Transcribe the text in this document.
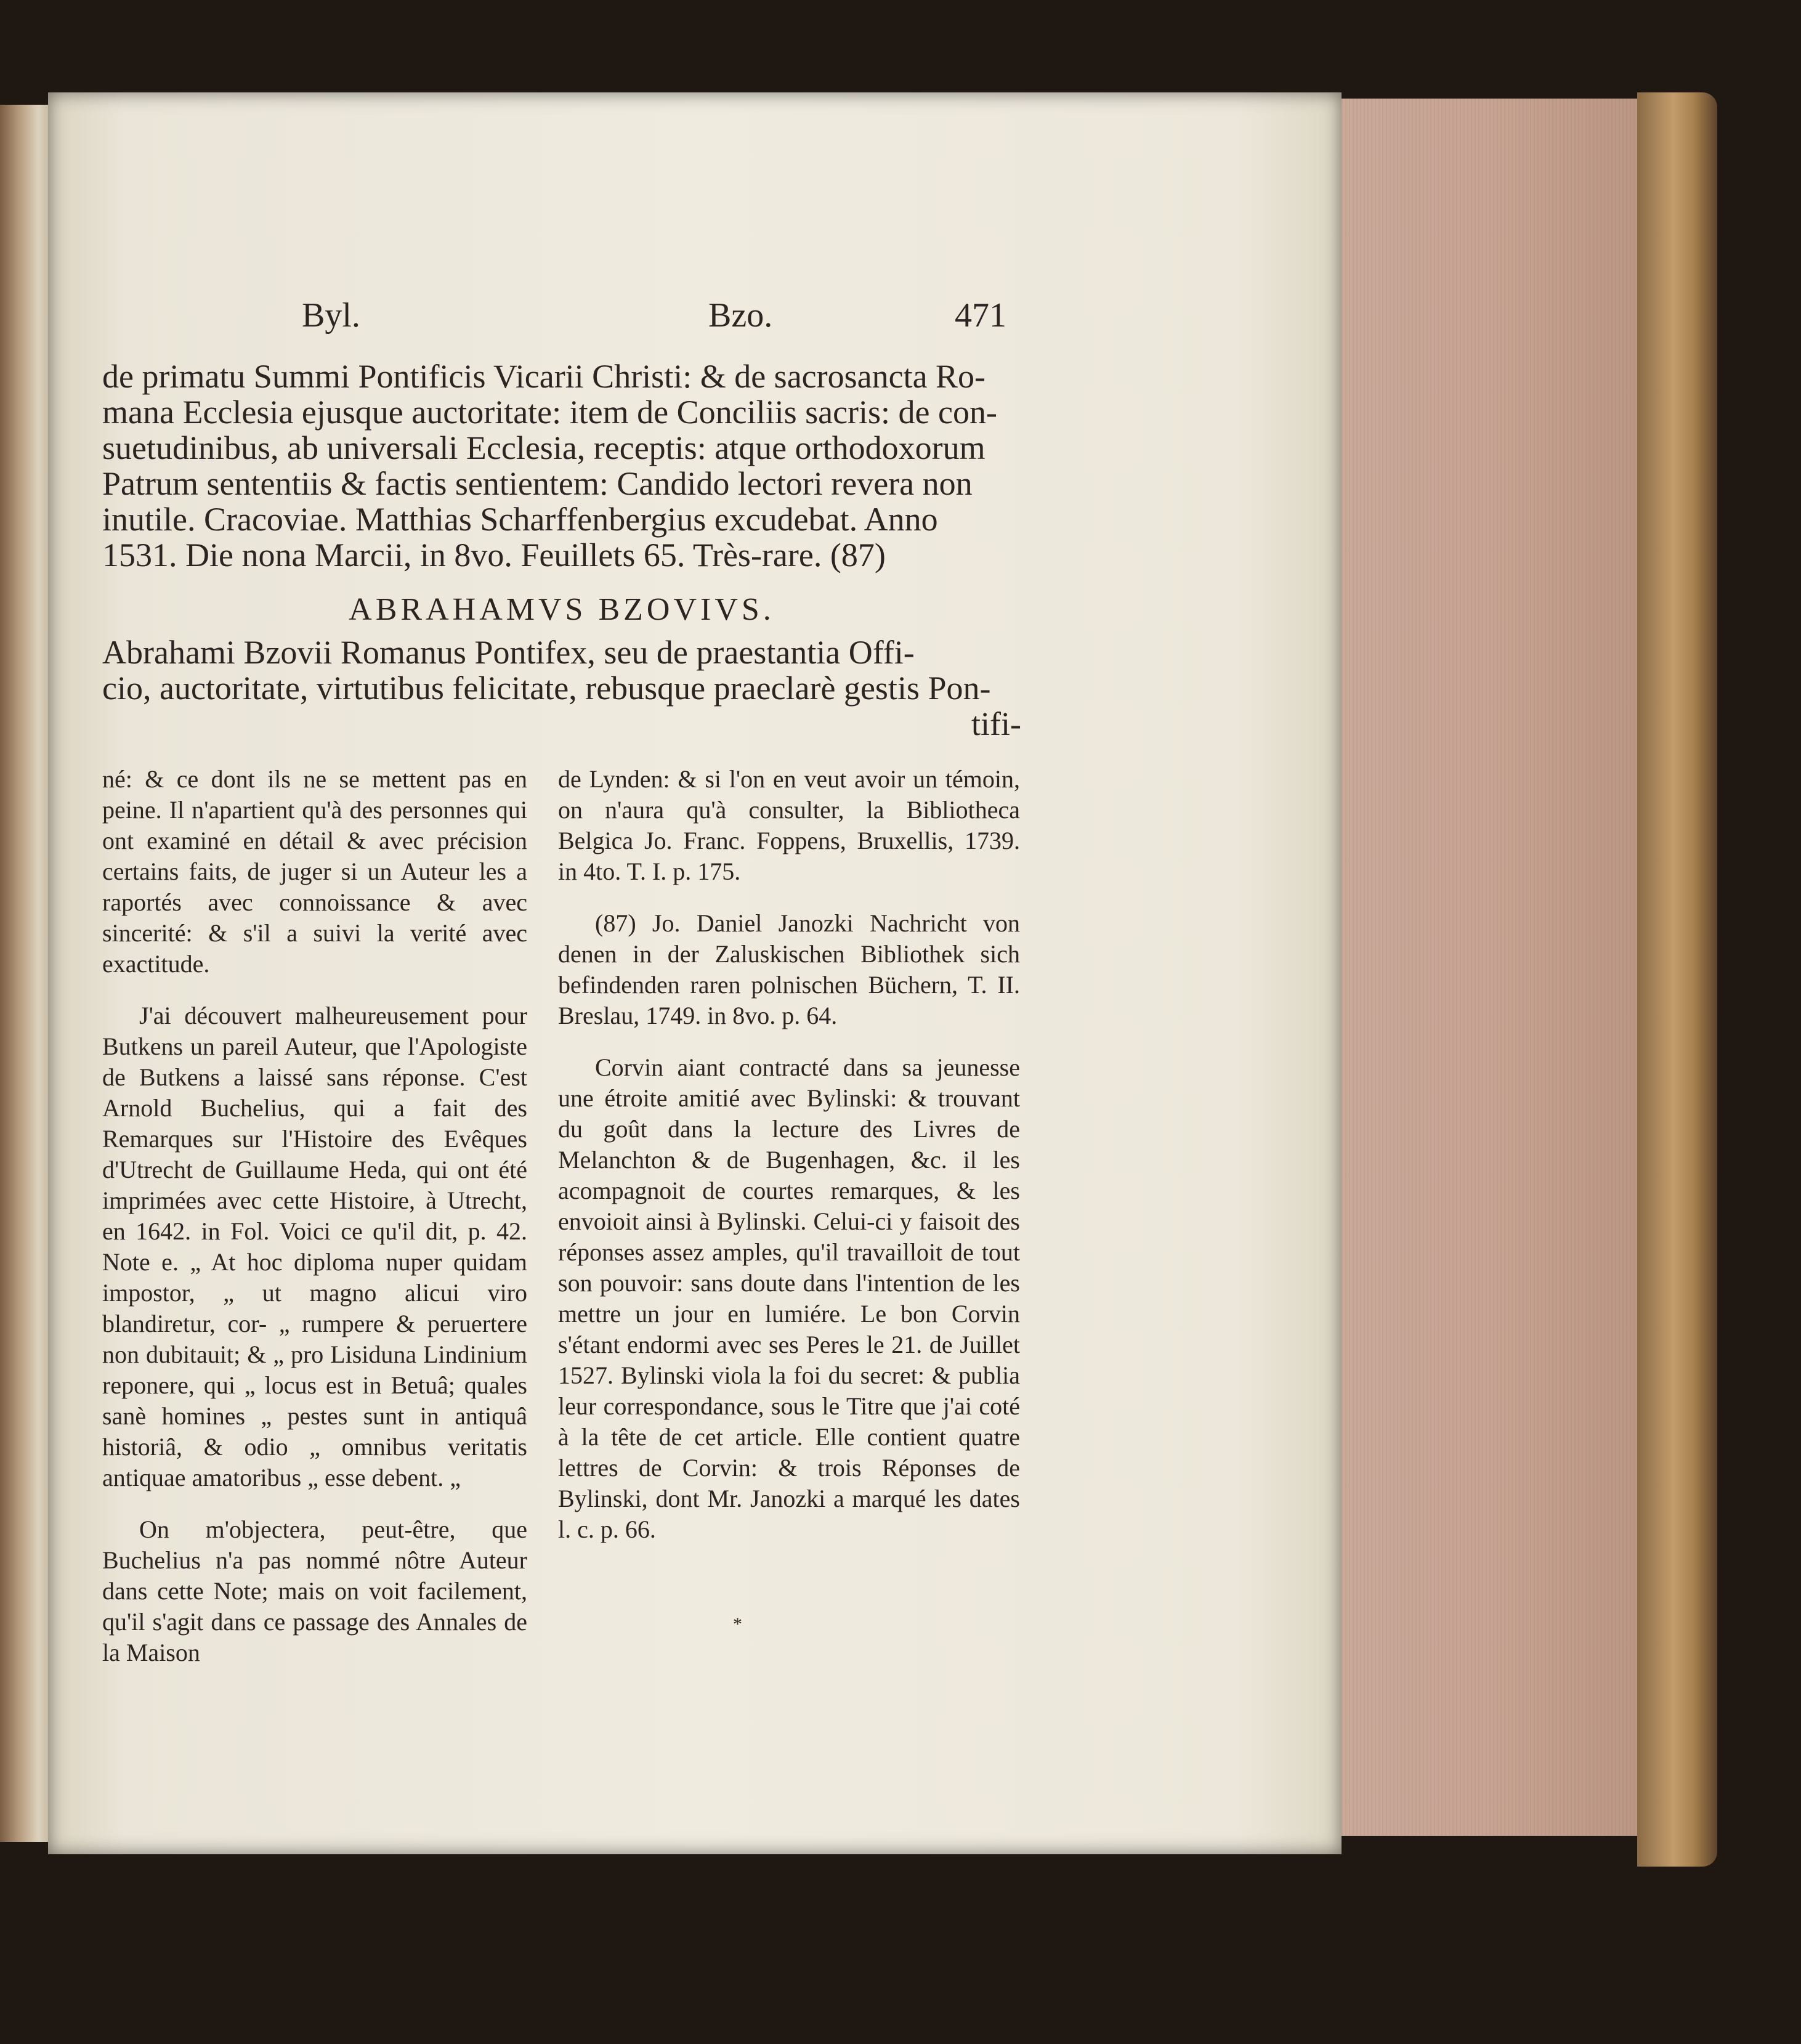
Byl.	Bzo.	471
de primatu Summi Pontificis Vicarii Christi: & de sacrosancta Ro-
mana Ecclesia ejusque auctoritate: item de Conciliis sacris: de con-
suetudinibus, ab universali Ecclesia, receptis: atque orthodoxorum
Patrum sententiis & factis sentientem: Candido lectori revera non
inutile. Cracoviae. Matthias Scharffenbergius excudebat. Anno
1531. Die nona Marcii, in 8vo. Feuillets 65. Très-rare. (87)
ABRAHAMVS BZOVIVS.
Abrahami Bzovii Romanus Pontifex, seu de praestantia Offi-
cio, auctoritate, virtutibus felicitate, rebusque praeclarè gestis Pon-
tifi-

né: & ce dont ils ne se mettent pas en peine. Il n'apartient qu'à des personnes qui ont examiné en détail & avec précision certains faits, de juger si un Auteur les a raportés avec connoissance & avec sincerité: & s'il a suivi la verité avec exactitude.

J'ai découvert malheureusement pour Butkens un pareil Auteur, que l'Apologiste de Butkens a laissé sans réponse. C'est Arnold Buchelius, qui a fait des Remarques sur l'Histoire des Evêques d'Utrecht de Guillaume Heda, qui ont été imprimées avec cette Histoire, à Utrecht, en 1642. in Fol. Voici ce qu'il dit, p. 42. Note e. „ At hoc diploma nuper quidam impostor, „ ut magno alicui viro blandiretur, cor- „ rumpere & peruertere non dubitauit; & „ pro Lisiduna Lindinium reponere, qui „ locus est in Betuâ; quales sanè homines „ pestes sunt in antiquâ historiâ, & odio „ omnibus veritatis antiquae amatoribus „ esse debent. „

On m'objectera, peut-être, que Buchelius n'a pas nommé nôtre Auteur dans cette Note; mais on voit facilement, qu'il s'agit dans ce passage des Annales de la Maison

de Lynden: & si l'on en veut avoir un témoin, on n'aura qu'à consulter, la Bibliotheca Belgica Jo. Franc. Foppens, Bruxellis, 1739. in 4to. T. I. p. 175.

(87) Jo. Daniel Janozki Nachricht von denen in der Zaluskischen Bibliothek sich befindenden raren polnischen Büchern, T. II. Breslau, 1749. in 8vo. p. 64.

Corvin aiant contracté dans sa jeunesse une étroite amitié avec Bylinski: & trouvant du goût dans la lecture des Livres de Melanchton & de Bugenhagen, &c. il les acompagnoit de courtes remarques, & les envoioit ainsi à Bylinski. Celui-ci y faisoit des réponses assez amples, qu'il travailloit de tout son pouvoir: sans doute dans l'intention de les mettre un jour en lumiére. Le bon Corvin s'étant endormi avec ses Peres le 21. de Juillet 1527. Bylinski viola la foi du secret: & publia leur correspondance, sous le Titre que j'ai coté à la tête de cet article. Elle contient quatre lettres de Corvin: & trois Réponses de Bylinski, dont Mr. Janozki a marqué les dates l. c. p. 66.

*
